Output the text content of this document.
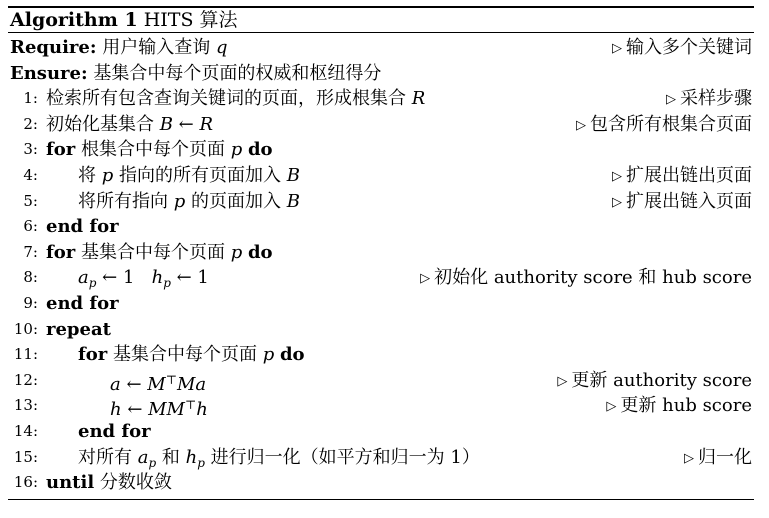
Algorithm 1 HITS 算法
Require: 用户输入查询 q	▷ 输入多个关键词
Ensure: 基集合中每个页面的权威和枢纽得分
1: 检索所有包含查询关键词的页面，形成根集合 R	▷ 采样步骤
2: 初始化基集合 B ← R	▷ 包含所有根集合页面
3: for 根集合中每个页面 p do
4: 将 p 指向的所有页面加入 B	▷ 扩展出链出页面
5: 将所有指向 p 的页面加入 B	▷ 扩展出链入页面
6: end for
7: for 基集合中每个页面 p do
8: $a_p$ ← 1 $h_p$ ← 1	▷ 初始化 authority score 和 hub score
9: end for
10: repeat
11: for 基集合中每个页面 p do
12:	a ← M⊤Ma	▷ 更新 authority score
13:	h ← MM⊤h	▷ 更新 hub score
14: end for
15: 对所有 $a_p$ 和 $h_p$ 进行归一化（如平方和归一为 1）	▷ 归一化
16: until 分数收敛
